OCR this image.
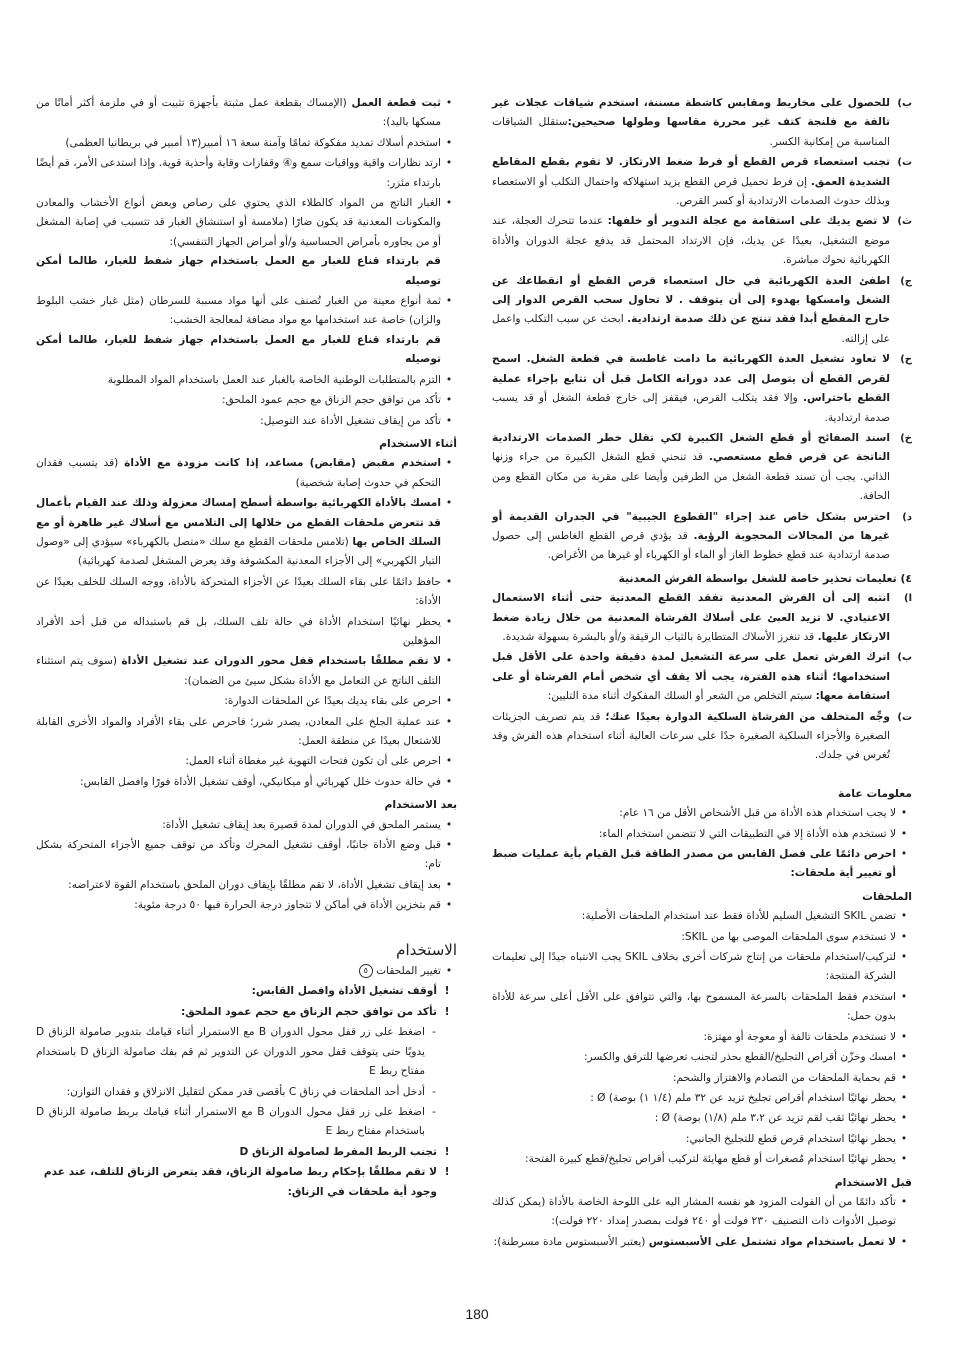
ب)
للحصول على مخاريط ومقابس كاشطة مسننة، استخدم شياقات عجلات غير تالفة مع فلنجة كتف غير محررة مقاسها وطولها صحيحين:ستقلل الشياقات المناسبة من إمكانية الكسر.
ت)
تجنب استعصاء قرص القطع أو فرط ضغط الارتكاز. لا تقوم بقطع المقاطع الشديدة العمق. إن فرط تحميل قرص القطع يزيد استهلاكه واحتمال التكلب أو الاستعصاء وبذلك حدوث الصدمات الارتدادية أو كسر القرص.
ث)
لا تضع يديك على استقامة مع عجلة التدوير أو خلفها: عندما تتحرك العجلة، عند موضع التشغيل، بعيدًا عن يديك، فإن الارتداد المحتمل قد يدفع عجلة الدوران والأداة الكهربائية نحوك مباشرة.
ج)
اطفئ العدة الكهربائية في حال استعصاء قرص القطع أو انقطاعك عن الشغل وامسكها بهدوء إلى أن يتوقف . لا تحاول سحب القرص الدوار إلى خارج المقطع أبدا فقد تنتج عن ذلك صدمة ارتدادية. ابحث عن سبب التكلب واعمل على إزالته.
ح)
لا تعاود تشغيل العدة الكهربائية ما دامت غاطسة في قطعة الشغل. اسمح لقرص القطع أن يتوصل إلى عدد دورانه الكامل قبل أن تتابع بإجراء عملية القطع باحتراس. وإلا فقد يتكلب القرص، فيقفز إلى خارج قطعة الشغل أو قد يسبب صدمة ارتدادية.
خ)
اسند الصفائح أو قطع الشغل الكبيرة لكي تقلل خطر الصدمات الارتدادية الناتجة عن قرص قطع مستعصي. قد تنحني قطع الشغل الكبيرة من جراء وزنها الذاتي. يجب أن تسند قطعة الشغل من الطرفين وأيضا على مقربة من مكان القطع ومن الحافة.
د)
احترس بشكل خاص عند إجراء "القطوع الجيبية" في الجدران القديمة أو غيرها من المجالات المحجوبة الرؤية. قد يؤدي قرص القطع الغاطس إلى حصول صدمة ارتدادية عند قطع خطوط الغاز أو الماء أو الكهرباء أو غيرها من الأغراض.
٤) تعليمات تحذير خاصة للشغل بواسطة الفرش المعدنية
ا)
انتبه إلى أن الفرش المعدنية تفقد القطع المعدنية حتى أثناء الاستعمال الاعتيادي. لا تزيد العبئ على أسلاك الفرشاة المعدنية من خلال زيادة ضغط الارتكاز عليها. قد تنغرز الأسلاك المتطايرة بالثياب الرقيقة و/أو بالبشرة بسهولة شديدة.
ب)
اترك الفرش تعمل على سرعة التشغيل لمدة دقيقة واحدة على الأقل قبل استخدامها؛ أثناء هذه الفترة، يجب ألا يقف أي شخص أمام الفرشاة أو على استقامة معها: سيتم التخلص من الشعر أو السلك المفكوك أثناء مدة التليين:
ت)
وجِّه المتخلف من الفرشاة السلكية الدوارة بعيدًا عنك؛ قد يتم تصريف الجزيئات الصغيرة والأجزاء السلكية الصغيرة جدًا على سرعات العالية أثناء استخدام هذه الفرش وقد تُغرس في جلدك.
معلومات عامة
•
لا يجب استخدام هذه الأداة من قبل الأشخاص الأقل من ١٦ عام:
•
لا تستخدم هذه الأداة إلا في التطبيقات التي لا تتضمن استخدام الماء:
•
احرص دائمًا على فصل القابس من مصدر الطاقة قبل القيام بأية عمليات ضبط أو تغيير أية ملحقات:
الملحقات
•
تضمن SKIL التشغيل السليم للأداة فقط عند استخدام الملحقات الأصلية:
•
لا تستخدم سوى الملحقات الموصى بها من SKIL:
•
لتركيب/استخدام ملحقات من إنتاج شركات أخرى بخلاف SKIL يجب الانتباه جيدًا إلى تعليمات الشركة المنتجة:
•
استخدم فقط الملحقات بالسرعة المسموح بها، والتي تتوافق على الأقل أعلى سرعة للأداة بدون حمل:
•
لا تستخدم ملحقات تالفة أو معوجة أو مهتزة:
•
امسك وخزّن أقراص التجليخ/القطع بحذر لتجنب تعرضها للترقق والكسر:
•
قم بحماية الملحقات من التصادم والاهتزاز والشحم:
•
يحظر نهائيًا استخدام أقراص تجليخ تزيد عن ٣٢ ملم (١/٤ ١) بوصة) Ø :
•
يحظر نهائيًا ثقب لقم تزيد عن ٣،٢ ملم (١/٨) بوصة) Ø :
•
يحظر نهائيًا استخدام قرص قطع للتجليخ الجانبي:
•
يحظر نهائيًا استخدام مُصغرات أو قطع مهايئة لتركيب أقراص تجليخ/قطع كبيرة الفتحة:
قبل الاستخدام
•
تأكد دائمًا من أن الفولت المزود هو نفسه المشار اليه على اللوحة الخاصة بالأداة (يمكن كذلك توصيل الأدوات ذات التصنيف ٢٣٠ فولت أو ٢٤٠ فولت بمصدر إمداد ٢٢٠ فولت):
•
لا تعمل باستخدام مواد تشتمل على الأسبستوس (يعتبر الأسبستوس مادة مسرطنة):
•
ثبت قطعة العمل (الإمساك بقطعة عمل مثبتة بأجهزة تثبيت أو في ملزمة أكثر أمانًا من مسكها باليد):
•
استخدم أسلاك تمديد مفكوكة تمامًا وآمنة سعة ١٦ أمبير(١٣ أمبير في بريطانيا العظمى)
•
ارتد نظارات واقية وواقيات سمع و④ وقفازات وقاية وأحذية قوية. وإذا استدعى الأمر، قم أيضًا بارتداء مئزر:
•
الغبار الناتج من المواد كالطلاء الذي يحتوي على رصاص وبعض أنواع الأخشاب والمعادن والمكونات المعدنية قد يكون ضارًا (ملامسة أو استنشاق الغبار قد تتسبب في إصابة المشغل أو من يجاوره بأمراض الحساسية و/أو أمراض الجهاز التنفسي):
قم بارتداء قناع للغبار مع العمل باستخدام جهاز شفط للغبار، طالما أمكن توصيله
•
ثمة أنواع معينة من الغبار تُصنف على أنها مواد مسببة للسرطان (مثل غبار خشب البلوط والزان) خاصة عند استخدامها مع مواد مضافة لمعالجة الخشب:
قم بارتداء قناع للغبار مع العمل باستخدام جهاز شفط للغبار، طالما أمكن توصيله
•
التزم بالمتطلبات الوطنية الخاصة بالغبار عند العمل باستخدام المواد المطلوبة
•
تأكد من توافق حجم الزناق مع حجم عمود الملحق:
•
تأكد من إيقاف تشغيل الأداة عند التوصيل:
أثناء الاستخدام
•
استخدم مقبض (مقابض) مساعد، إذا كانت مزودة مع الأداة (قد يتسبب فقدان التحكم في حدوث إصابة شخصية)
•
امسك بالأداة الكهربائية بواسطة أسطح إمساك معزولة وذلك عند القيام بأعمال قد تتعرض ملحقات القطع من خلالها إلى التلامس مع أسلاك غير ظاهرة أو مع السلك الخاص بها (تلامس ملحقات القطع مع سلك «متصل بالكهرباء» سيؤدي إلى «وصول التيار الكهربي» إلى الأجزاء المعدنية المكشوفة وقد يعرض المشغل لصدمة كهربائية)
•
حافظ دائمًا على بقاء السلك بعيدًا عن الأجزاء المتحركة بالأداة، ووجه السلك للخلف بعيدًا عن الأداة:
•
يحظر نهائيًا استخدام الأداة في حالة تلف السلك، بل قم باستبداله من قبل أحد الأفراد المؤهلين
•
لا تقم مطلقًا باستخدام قفل محور الدوران عند تشغيل الأداة (سوف يتم استثناء التلف الناتج عن التعامل مع الأداة بشكل سيئ من الضمان):
•
احرص على بقاء يديك بعيدًا عن الملحقات الدوارة:
•
عند عملية الجلخ على المعادن، يصدر شرر؛ فاحرص على بقاء الأفراد والمواد الأخرى القابلة للاشتعال بعيدًا عن منطقة العمل:
•
احرص على أن تكون فتحات التهوية غير مغطاة أثناء العمل:
•
في حالة حدوث خلل كهربائي أو ميكانيكي، أوقف تشغيل الأداة فورًا وافصل القابس:
بعد الاستخدام
•
يستمر الملحق في الدوران لمدة قصيرة بعد إيقاف تشغيل الأداة:
•
قبل وضع الأداة جانبًا، أوقف تشغيل المحرك وتأكد من توقف جميع الأجزاء المتحركة بشكل تام:
•
بعد إيقاف تشغيل الأداة، لا تقم مطلقًا بإيقاف دوران الملحق باستخدام القوة لاعتراضه:
•
قم بتخزين الأداة في أماكن لا تتجاوز درجة الحرارة فيها ٥٠ درجة مئوية:
الاستخدام
•
تغيير الملحقات ٥
!
أوقف تشغيل الأداة وافصل القابس:
!
تأكد من توافق حجم الزناق مع حجم عمود الملحق:
-
اضغط على زر قفل محول الدوران B مع الاستمرار أثناء قيامك بتدوير صامولة الزناق D يدويًا حتى يتوقف قفل محور الدوران عن التدوير ثم قم بفك صامولة الزناق D باستخدام مفتاح ربط E
-
أدخل أحد الملحقات في زناق C بأقصى قدر ممكن لتقليل الانزلاق و فقدان التوازن:
-
اضغط على زر قفل محول الدوران B مع الاستمرار أثناء قيامك بربط صامولة الزناق D باستخدام مفتاح ربط E
!
تجنب الربط المفرط لصامولة الزناق D
!
لا تقم مطلقًا بإحكام ربط صامولة الزناق، فقد يتعرض الزناق للتلف، عند عدم وجود أية ملحقات في الزناق:
180
